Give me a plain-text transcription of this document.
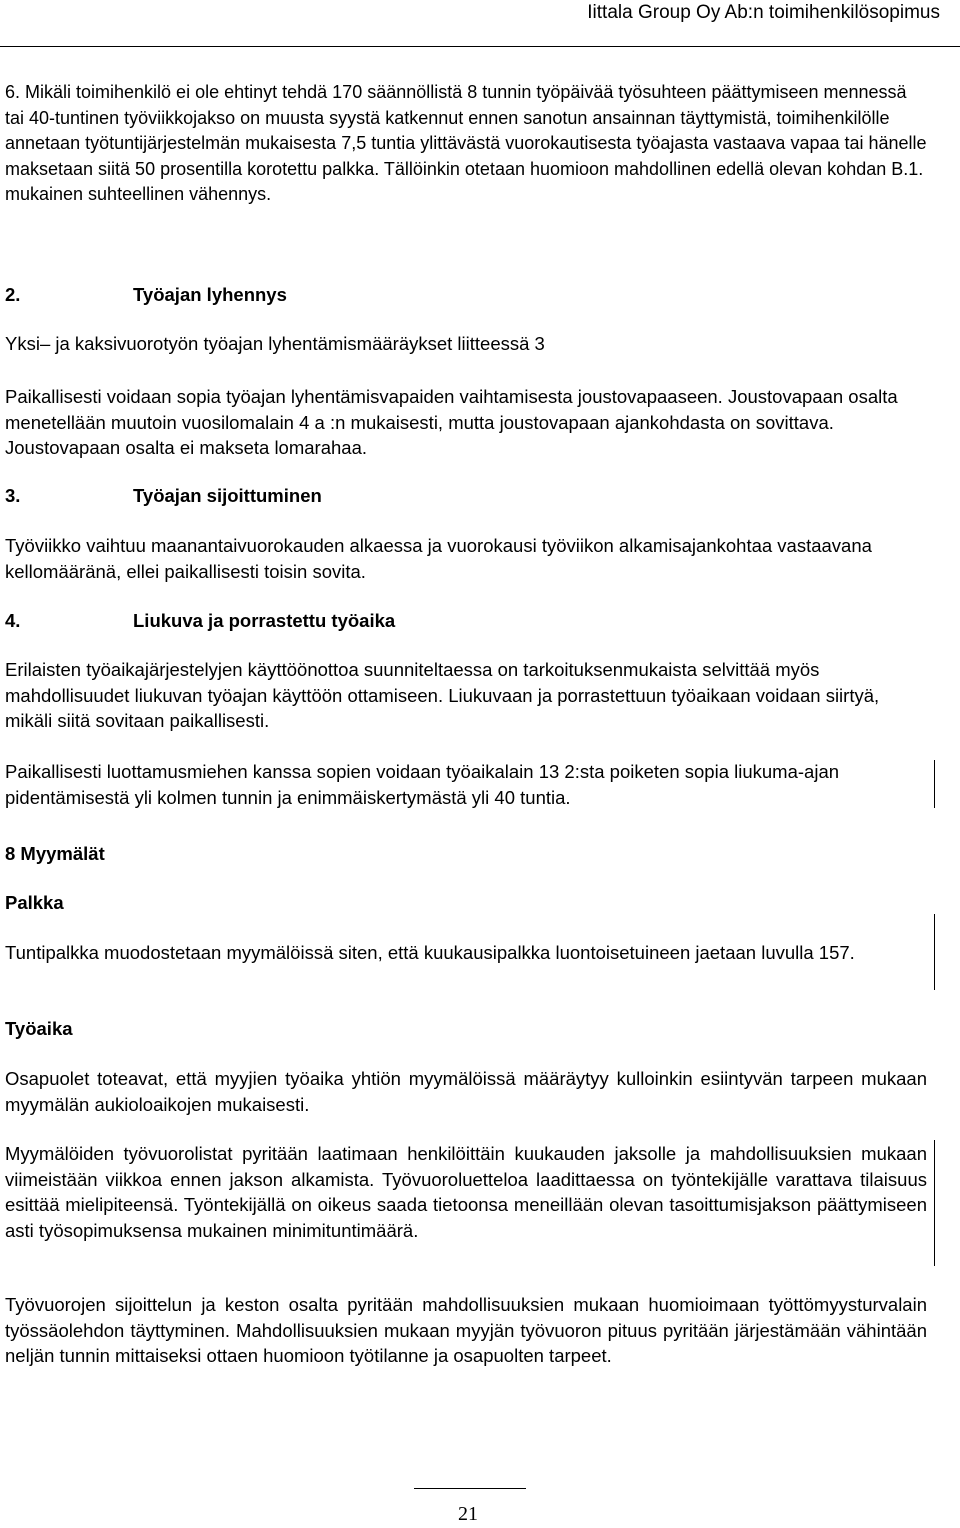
Iittala Group Oy Ab:n toimihenkilösopimus

6. Mikäli toimihenkilö ei ole ehtinyt tehdä 170 säännöllistä 8 tunnin työpäivää työsuhteen päättymiseen mennessä tai 40-tuntinen työviikkojakso on muusta syystä katkennut ennen sanotun ansainnan täyttymistä, toimihenkilölle annetaan työtuntijärjestelmän mukaisesta 7,5 tuntia ylittävästä vuorokautisesta työajasta vastaava vapaa tai hänelle maksetaan siitä 50 prosentilla korotettu palkka. Tällöinkin otetaan huomioon mahdollinen edellä olevan kohdan B.1. mukainen suhteellinen vähennys.

2.	Työajan lyhennys

Yksi– ja kaksivuorotyön työajan lyhentämismääräykset liitteessä 3

Paikallisesti voidaan sopia työajan lyhentämisvapaiden vaihtamisesta joustovapaaseen. Joustovapaan osalta menetellään muutoin vuosilomalain 4 a :n mukaisesti, mutta joustovapaan ajankohdasta on sovittava. Joustovapaan osalta ei makseta lomarahaa.

3.	Työajan sijoittuminen

Työviikko vaihtuu maanantaivuorokauden alkaessa ja vuorokausi työviikon alkamisajankohtaa vastaavana kellomääränä, ellei paikallisesti toisin sovita.

4.	Liukuva ja porrastettu työaika

Erilaisten työaikajärjestelyjen käyttöönottoa suunniteltaessa on tarkoituksenmukaista selvittää myös mahdollisuudet liukuvan työajan käyttöön ottamiseen. Liukuvaan ja porrastettuun työaikaan voidaan siirtyä, mikäli siitä sovitaan paikallisesti.

Paikallisesti luottamusmiehen kanssa sopien voidaan työaikalain 13 2:sta poiketen sopia liukuma-ajan pidentämisestä yli kolmen tunnin ja enimmäiskertymästä yli 40 tuntia.

8 Myymälät
Palkka

Tuntipalkka muodostetaan myymälöissä siten, että kuukausipalkka luontoisetuineen jaetaan luvulla 157.

Työaika

Osapuolet toteavat, että myyjien työaika yhtiön myymälöissä määräytyy kulloinkin esiintyvän tarpeen mukaan myymälän aukioloaikojen mukaisesti.

Myymälöiden työvuorolistat pyritään laatimaan henkilöittäin kuukauden jaksolle ja mahdollisuuksien mukaan viimeistään viikkoa ennen jakson alkamista. Työvuoroluetteloa laadittaessa on työntekijälle varattava tilaisuus esittää mielipiteensä. Työntekijällä on oikeus saada tietoonsa meneillään olevan tasoittumisjakson päättymiseen asti työsopimuksensa mukainen minimituntimäärä.

Työvuorojen sijoittelun ja keston osalta pyritään mahdollisuuksien mukaan huomioimaan työttömyysturvalain työssäolehdon täyttyminen. Mahdollisuuksien mukaan myyjän työvuoron pituus pyritään järjestämään vähintään neljän tunnin mittaiseksi ottaen huomioon työtilanne ja osapuolten tarpeet.

21
